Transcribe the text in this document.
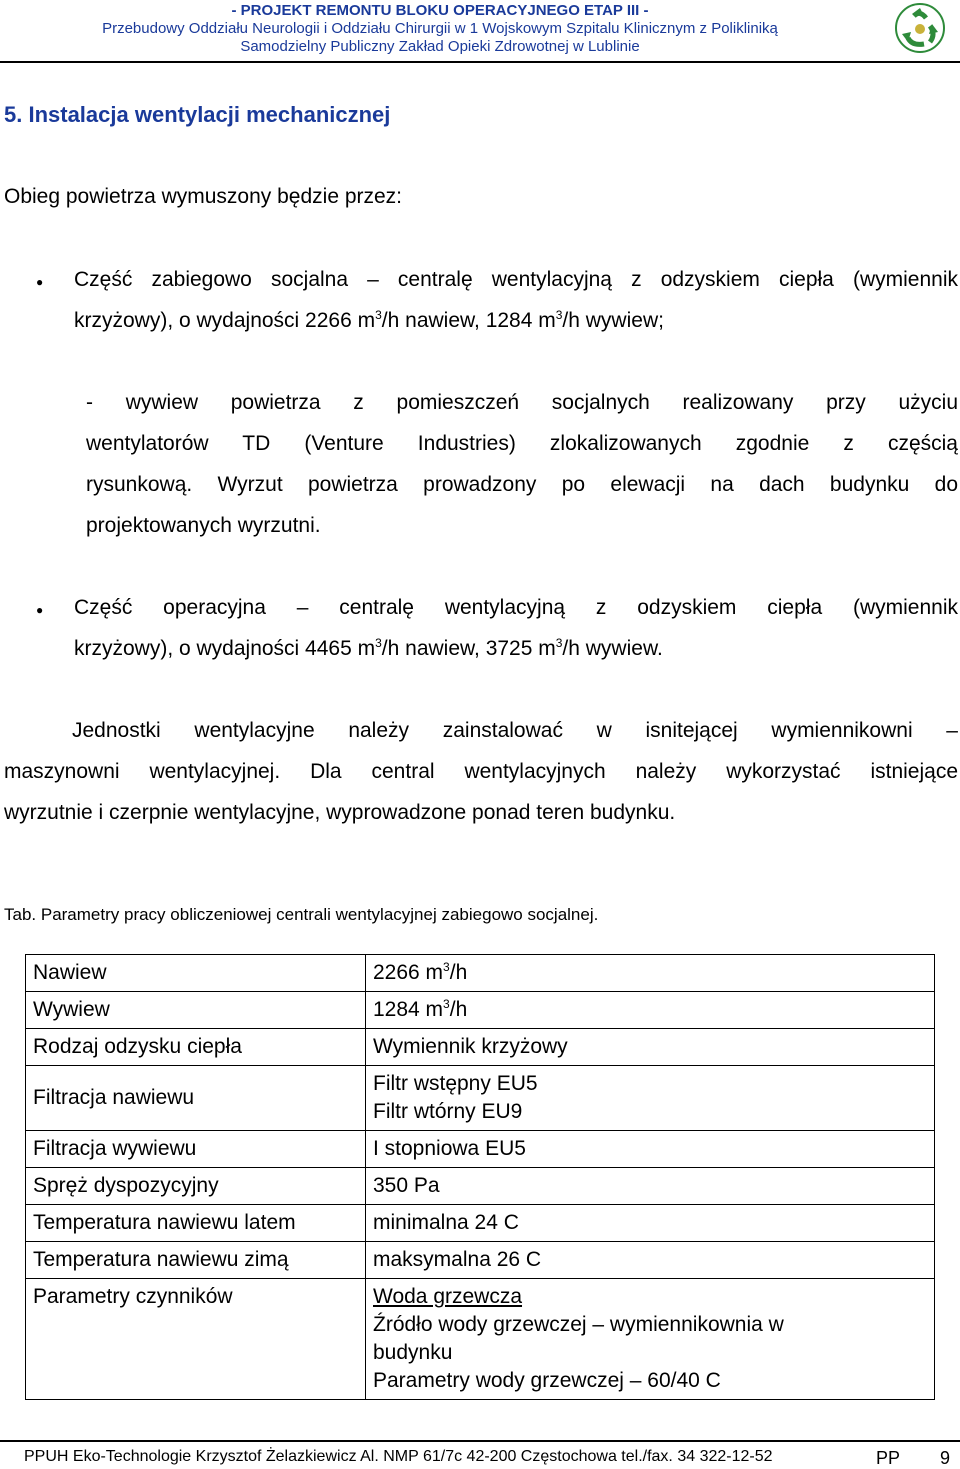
- PROJEKT REMONTU BLOKU OPERACYJNEGO ETAP III -
Przebudowy Oddziału Neurologii i Oddziału Chirurgii w 1 Wojskowym Szpitalu Klinicznym z Polikliniką
Samodzielny Publiczny Zakład Opieki Zdrowotnej w Lublinie
5. Instalacja wentylacji mechanicznej

Obieg powietrza wymuszony będzie przez:

● Część zabiegowo socjalna – centralę wentylacyjną z odzyskiem ciepła (wymiennik

krzyżowy), o wydajności 2266 $m^3/h$ nawiew, 1284 $m^3/h$ wywiew;

- wywiew powietrza z pomieszczeń socjalnych realizowany przy użyciu

wentylatorów TD (Venture Industries) zlokalizowanych zgodnie z częścią

rysunkową. Wyrzut powietrza prowadzony po elewacji na dach budynku do

projektowanych wyrzutni.

● Część operacyjna – centralę wentylacyjną z odzyskiem ciepła (wymiennik

krzyżowy), o wydajności 4465 $m^3/h$ nawiew, 3725 $m^3/h$ wywiew.

Jednostki wentylacyjne należy zainstalować w isnitejącej wymiennikowni –

maszynowni wentylacyjnej. Dla central wentylacyjnych należy wykorzystać istniejące

wyrzutnie i czerpnie wentylacyjne, wyprowadzone ponad teren budynku.

Tab. Parametry pracy obliczeniowej centrali wentylacyjnej zabiegowo socjalnej.

Nawiew	2266 $m^3/h$
Wywiew	1284 $m^3/h$
Rodzaj odzysku ciepła	Wymiennik krzyżowy
Filtracja nawiewu	Filtr wstępny EU5
Filtr wtórny EU9

Filtracja wywiewu	I stopniowa EU5
Spręż dyspozycyjny	350 Pa
Temperatura nawiewu latem	minimalna 24 C
Temperatura nawiewu zimą	maksymalna 26 C
Parametry czynników	Woda grzewcza
Źródło wody grzewczej – wymiennikownia w budynku
Parametry wody grzewczej – 60/40 C
PPUH Eko-Technologie Krzysztof Żelazkiewicz Al. NMP 61/7c 42-200 Częstochowa tel./fax. 34 322-12-52	PP 9
